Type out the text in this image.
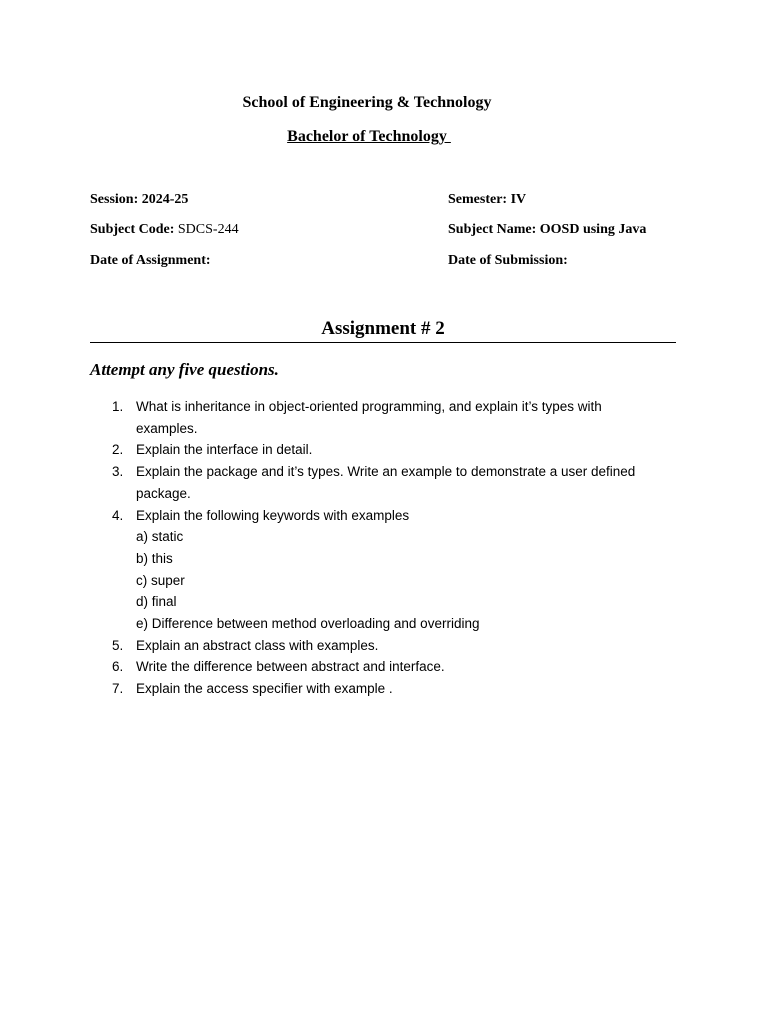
School of Engineering & Technology
Bachelor of Technology
Session: 2024-25	Semester: IV
Subject Code: SDCS-244	Subject Name: OOSD using Java
Date of Assignment:	Date of Submission:
Assignment # 2
Attempt any five questions.
1. What is inheritance in object-oriented programming, and explain it’s types with examples.
2. Explain the interface in detail.
3. Explain the package and it’s types. Write an example to demonstrate a user defined package.
4. Explain the following keywords with examples
a) static
b) this
c) super
d) final
e) Difference between method overloading and overriding
5. Explain an abstract class with examples.
6. Write the difference between abstract and interface.
7. Explain the access specifier with example .
